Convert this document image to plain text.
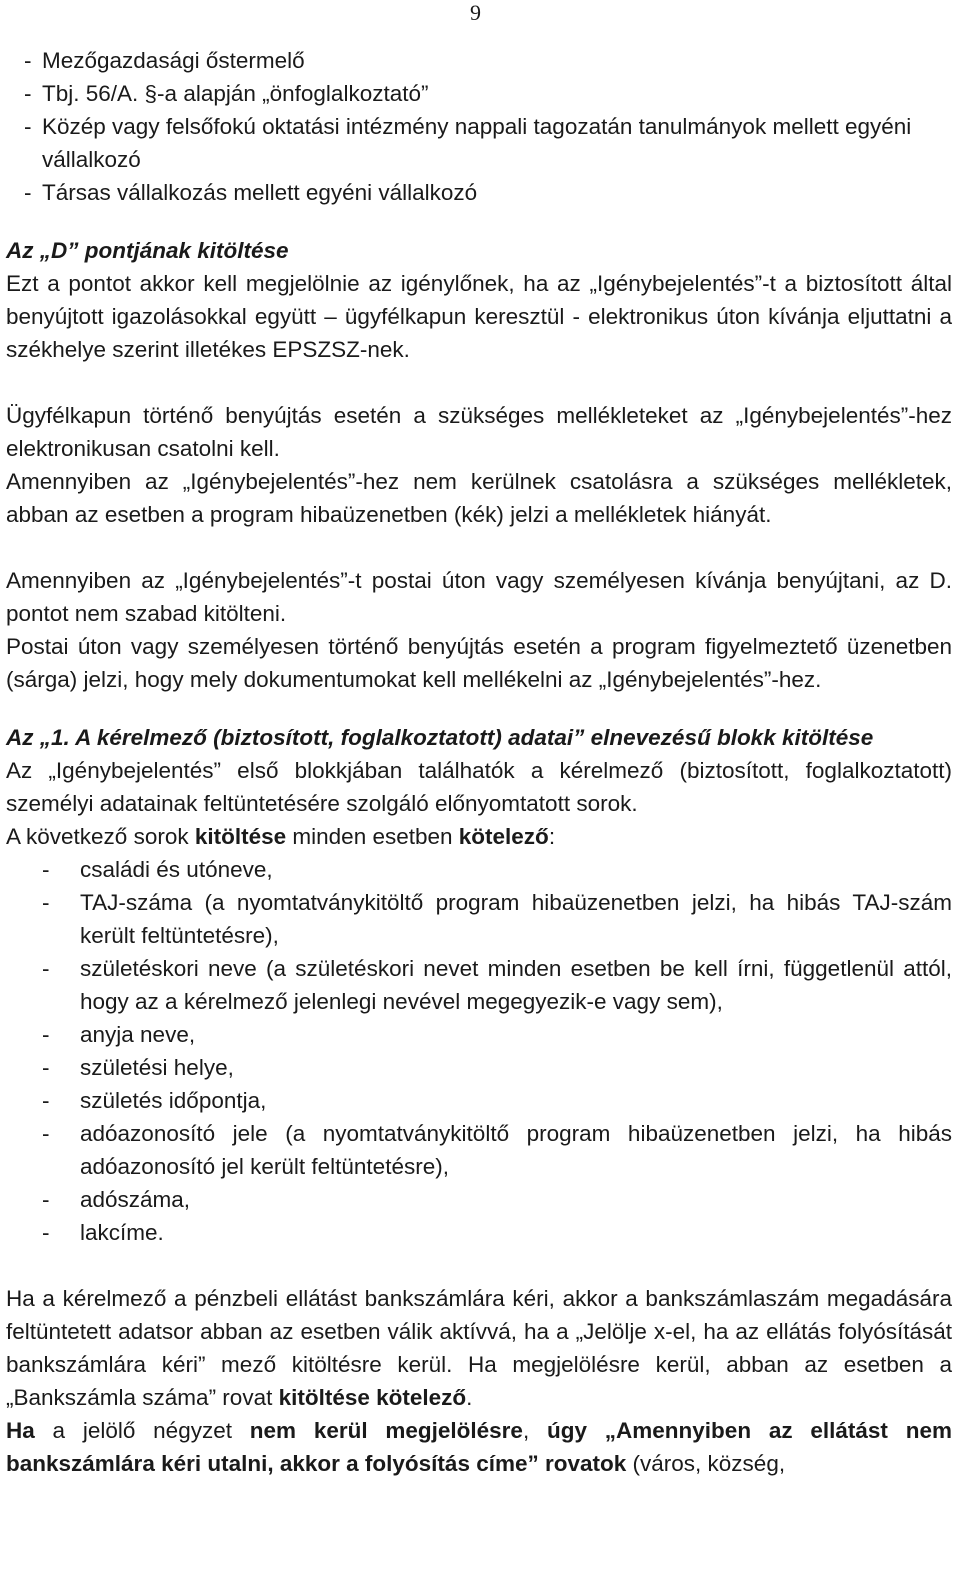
9
- Mezőgazdasági őstermelő
- Tbj. 56/A. §-a alapján „önfoglalkoztató”
- Közép vagy felsőfokú oktatási intézmény nappali tagozatán tanulmányok mellett egyéni vállalkozó
- Társas vállalkozás mellett egyéni vállalkozó
Az „D” pontjának kitöltése

Ezt a pontot akkor kell megjelölnie az igénylőnek, ha az „Igénybejelentés”-t a biztosított által benyújtott igazolásokkal együtt – ügyfélkapun keresztül - elektronikus úton kívánja eljuttatni a székhelye szerint illetékes EPSZSZ-nek.

Ügyfélkapun történő benyújtás esetén a szükséges mellékleteket az „Igénybejelentés”-hez elektronikusan csatolni kell.

Amennyiben az „Igénybejelentés”-hez nem kerülnek csatolásra a szükséges mellékletek, abban az esetben a program hibaüzenetben (kék) jelzi a mellékletek hiányát.

Amennyiben az „Igénybejelentés”-t postai úton vagy személyesen kívánja benyújtani, az D. pontot nem szabad kitölteni.

Postai úton vagy személyesen történő benyújtás esetén a program figyelmeztető üzenetben (sárga) jelzi, hogy mely dokumentumokat kell mellékelni az „Igénybejelentés”-hez.

Az „1. A kérelmező (biztosított, foglalkoztatott) adatai” elnevezésű blokk kitöltése

Az „Igénybejelentés” első blokkjában találhatók a kérelmező (biztosított, foglalkoztatott) személyi adatainak feltüntetésére szolgáló előnyomtatott sorok.

A következő sorok kitöltése minden esetben kötelező:

- családi és utóneve,
- TAJ-száma (a nyomtatványkitöltő program hibaüzenetben jelzi, ha hibás TAJ-szám került feltüntetésre),
- születéskori neve (a születéskori nevet minden esetben be kell írni, függetlenül attól, hogy az a kérelmező jelenlegi nevével megegyezik-e vagy sem),
- anyja neve,
- születési helye,
- születés időpontja,
- adóazonosító jele (a nyomtatványkitöltő program hibaüzenetben jelzi, ha hibás adóazonosító jel került feltüntetésre),
- adószáma,
- lakcíme.

Ha a kérelmező a pénzbeli ellátást bankszámlára kéri, akkor a bankszámlaszám megadására feltüntetett adatsor abban az esetben válik aktívvá, ha a „Jelölje x-el, ha az ellátás folyósítását bankszámlára kéri” mező kitöltésre kerül. Ha megjelölésre kerül, abban az esetben a „Bankszámla száma” rovat kitöltése kötelező.

Ha a jelölő négyzet nem kerül megjelölésre, úgy „Amennyiben az ellátást nem bankszámlára kéri utalni, akkor a folyósítás címe” rovatok (város, község,
